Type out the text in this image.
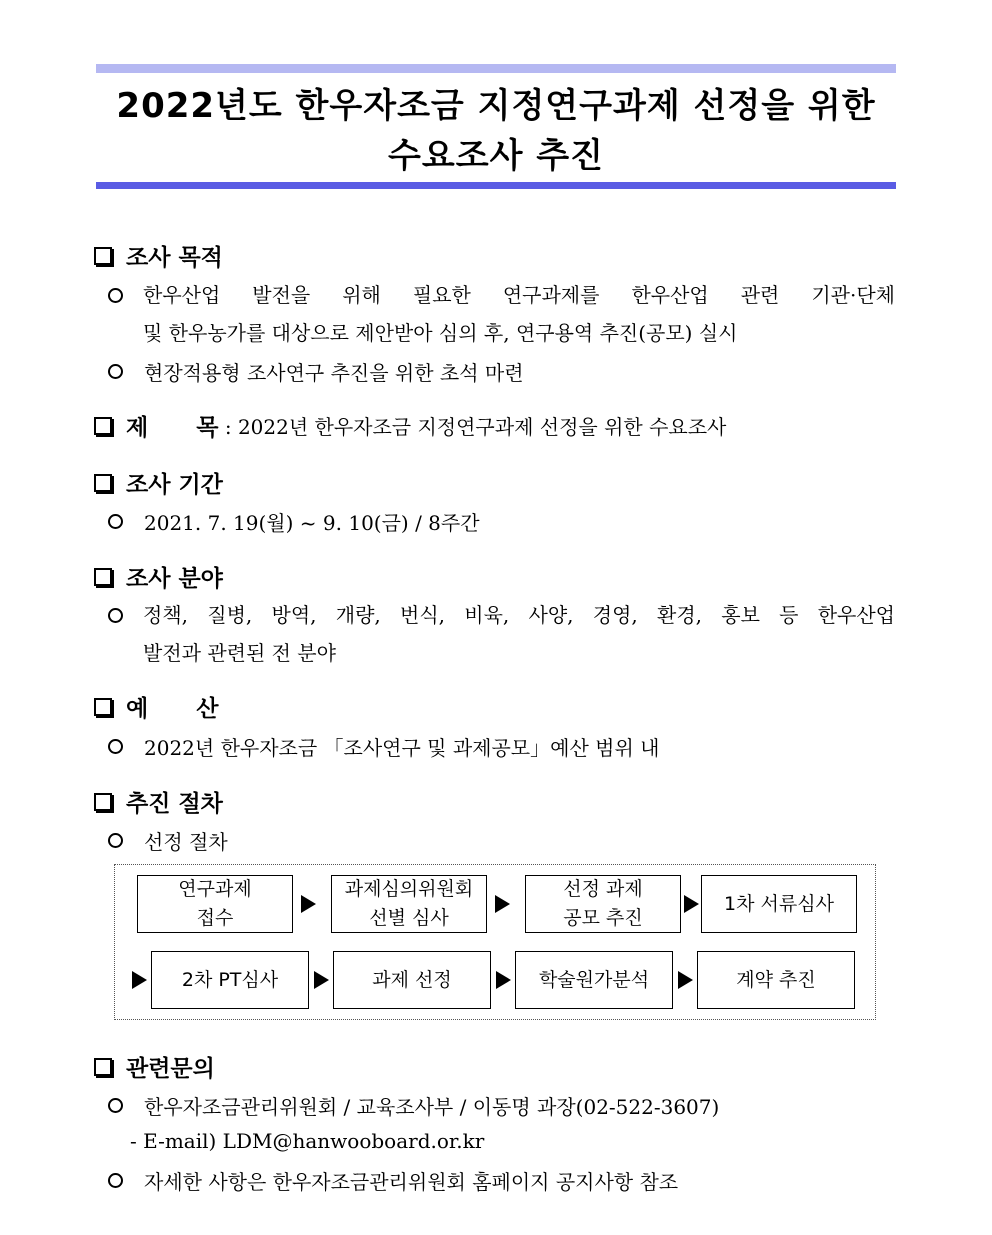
2022년도 한우자조금 지정연구과제 선정을 위한
수요조사 추진
조사 목적
한우산업 발전을 위해 필요한 연구과제를 한우산업 관련 기관·단체
및 한우농가를 대상으로 제안받아 심의 후, 연구용역 추진(공모) 실시
현장적용형 조사연구 추진을 위한 초석 마련
제      목 : 2022년 한우자조금 지정연구과제 선정을 위한 수요조사
조사 기간
2021. 7. 19(월) ~ 9. 10(금) / 8주간
조사 분야
정책, 질병, 방역, 개량, 번식, 비육, 사양, 경영, 환경, 홍보 등 한우산업
발전과 관련된 전 분야
예      산
2022년 한우자조금 「조사연구 및 과제공모」예산 범위 내
추진 절차
선정 절차
연구과제
접수
과제심의위원회
선별 심사
선정 과제
공모 추진
1차 서류심사
2차 PT심사	과제 선정	학술원가분석	계약 추진
관련문의
한우자조금관리위원회 / 교육조사부 / 이동명 과장(02-522-3607)
- E-mail) LDM@hanwooboard.or.kr
자세한 사항은 한우자조금관리위원회 홈페이지 공지사항 참조
